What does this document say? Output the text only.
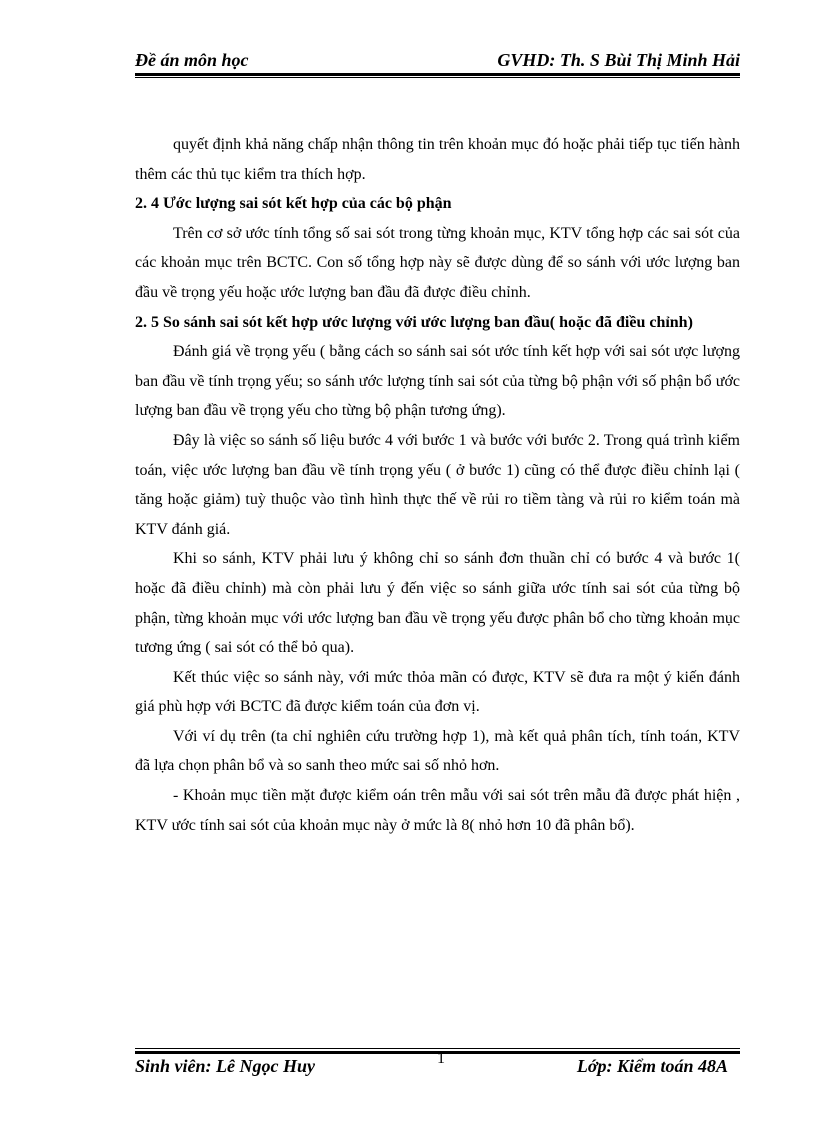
Đề án môn học	GVHD: Th. S Bùi Thị Minh Hải

quyết định khả năng chấp nhận thông tin trên khoản mục đó hoặc phải tiếp tục tiến hành thêm các thủ tục kiểm tra thích hợp.

2. 4 Ước lượng sai sót kết hợp của các bộ phận

Trên cơ sở ước tính tổng số sai sót trong từng khoản mục, KTV tổng hợp các sai sót của các khoản mục trên BCTC. Con số tổng hợp này sẽ được dùng để so sánh với ước lượng ban đầu về trọng yếu hoặc ước lượng ban đầu đã được điều chỉnh.

2. 5 So sánh sai sót kết hợp ước lượng với ước lượng ban đầu( hoặc đã điều chỉnh)

Đánh giá về trọng yếu ( bằng cách so sánh sai sót ước tính kết hợp với sai sót ược lượng ban đầu về tính trọng yếu; so sánh ước lượng tính sai sót của từng bộ phận với số phận bổ ước lượng ban đầu về trọng yếu cho từng bộ phận tương ứng).

Đây là việc so sánh số liệu bước 4 với bước 1 và bước với bước 2. Trong quá trình kiểm toán, việc ước lượng ban đầu về tính trọng yếu ( ở bước 1) cũng có thể được điều chỉnh lại ( tăng hoặc giảm) tuỳ thuộc vào tình hình thực thế về rủi ro tiềm tàng và rủi ro kiểm toán mà KTV đánh giá.

Khi so sánh, KTV phải lưu ý không chỉ so sánh đơn thuần chỉ có bước 4 và bước 1( hoặc đã điều chỉnh) mà còn phải lưu ý đến việc so sánh giữa ước tính sai sót của từng bộ phận, từng khoản mục với ước lượng ban đầu về trọng yếu được phân bổ cho từng khoản mục tương ứng ( sai sót có thể bỏ qua).

Kết thúc việc so sánh này, với mức thỏa mãn có được, KTV sẽ đưa ra một ý kiến đánh giá phù hợp với BCTC đã được kiểm toán của đơn vị.

Với ví dụ trên (ta chỉ nghiên cứu trường hợp 1), mà kết quả phân tích, tính toán, KTV đã lựa chọn phân bổ và so sanh theo mức sai số nhỏ hơn.

- Khoản mục tiền mặt được kiểm oán trên mẫu với sai sót trên mẫu đã được phát hiện , KTV ước tính sai sót của khoản mục này ở mức là 8( nhỏ hơn 10 đã phân bổ).

Sinh viên: Lê Ngọc Huy	1	Lớp: Kiểm toán 48A
